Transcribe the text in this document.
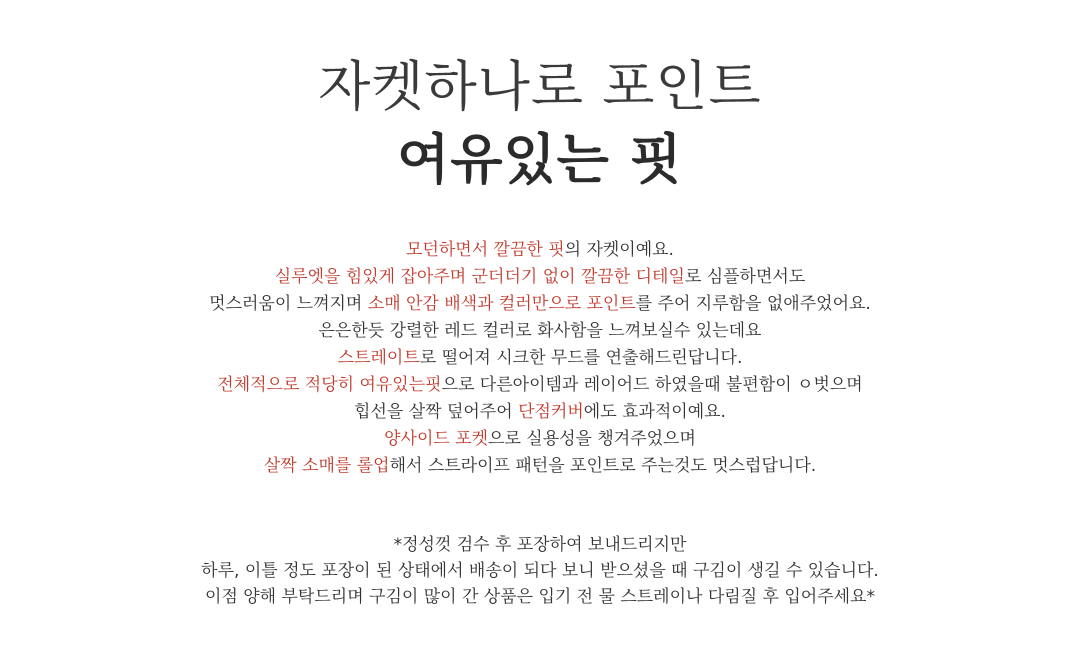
자켓하나로 포인트
여유있는 핏
모던하면서 깔끔한 핏의 자켓이예요.
실루엣을 힘있게 잡아주며 군더더기 없이 깔끔한 디테일로 심플하면서도
멋스러움이 느껴지며 소매 안감 배색과 컬러만으로 포인트를 주어 지루함을 없애주었어요.
은은한듯 강렬한 레드 컬러로 화사함을 느껴보실수 있는데요
스트레이트로 떨어져 시크한 무드를 연출해드린답니다.
전체적으로 적당히 여유있는핏으로 다른아이템과 레이어드 하였을때 불편함이 ㅇ벗으며
힙선을 살짝 덮어주어 단점커버에도 효과적이예요.
양사이드 포켓으로 실용성을 챙겨주었으며
살짝 소매를 롤업해서 스트라이프 패턴을 포인트로 주는것도 멋스럽답니다.
*정성껏 검수 후 포장하여 보내드리지만
하루, 이틀 정도 포장이 된 상태에서 배송이 되다 보니 받으셨을 때 구김이 생길 수 있습니다.
이점 양해 부탁드리며 구김이 많이 간 상품은 입기 전 물 스트레이나 다림질 후 입어주세요*
